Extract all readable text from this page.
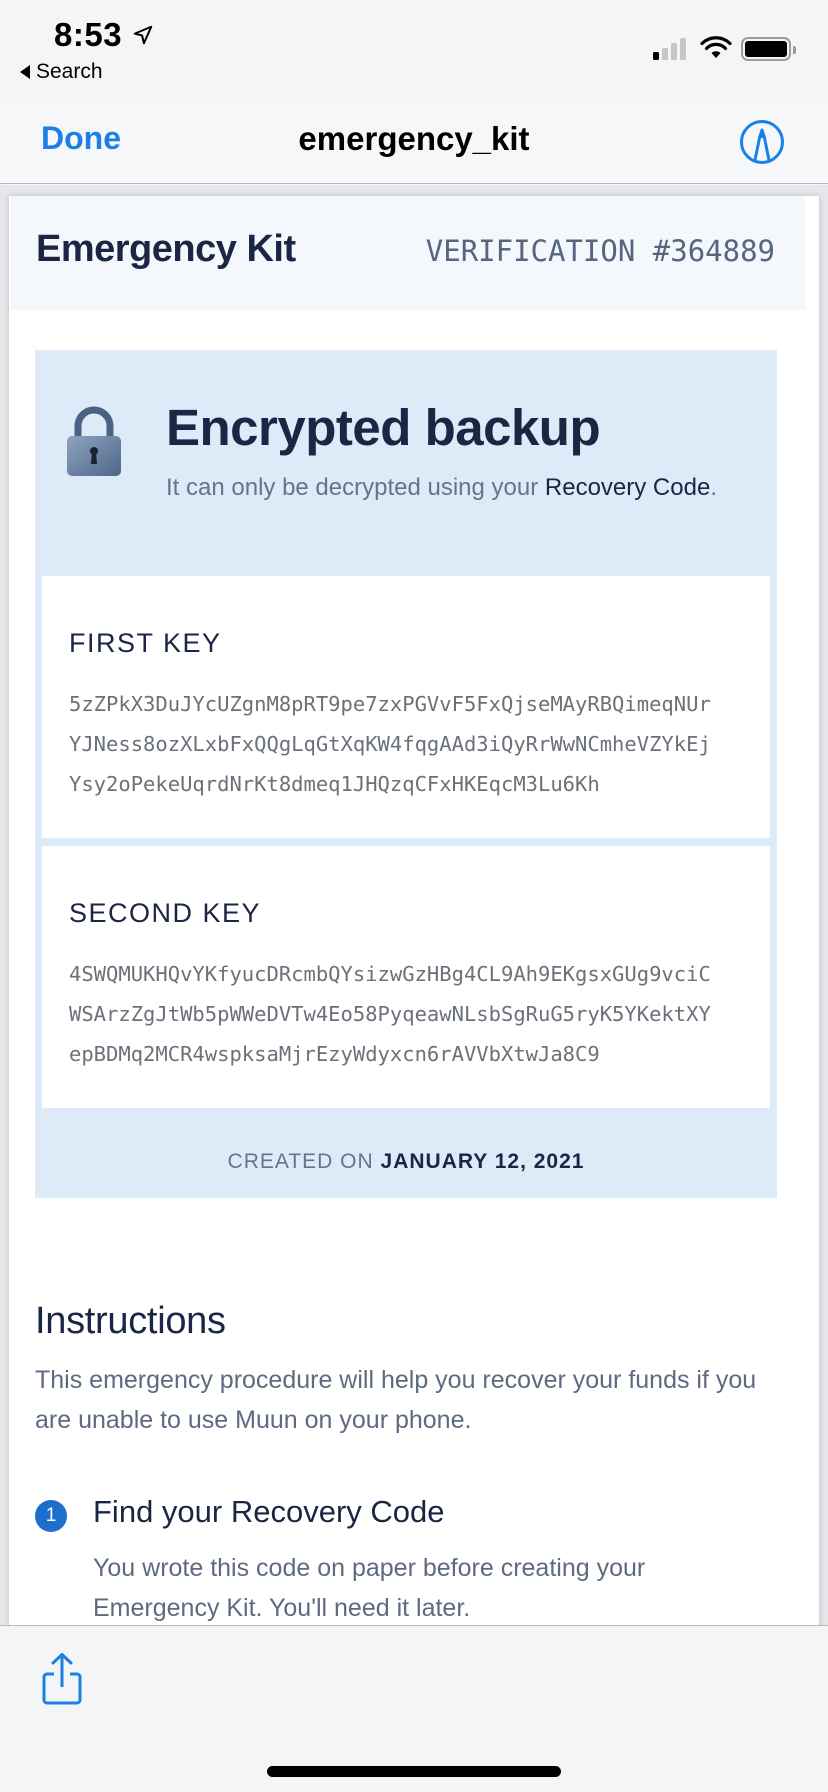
8:53
Search
Done	emergency_kit
Emergency Kit	VERIFICATION #364889
Encrypted backup

It can only be decrypted using your Recovery Code.

FIRST KEY
5zZPkX3DuJYcUZgnM8pRT9pe7zxPGVvF5FxQjseMAyRBQimeqNUr
YJNess8ozXLxbFxQQgLqGtXqKW4fqgAAd3iQyRrWwNCmheVZYkEj
Ysy2oPekeUqrdNrKt8dmeq1JHQzqCFxHKEqcM3Lu6Kh
SECOND KEY
4SWQMUKHQvYKfyucDRcmbQYsizwGzHBg4CL9Ah9EKgsxGUg9vciC
WSArzZgJtWb5pWWeDVTw4Eo58PyqeawNLsbSgRuG5ryK5YKektXY
epBDMq2MCR4wspksaMjrEzyWdyxcn6rAVVbXtwJa8C9

CREATED ON JANUARY 12, 2021

Instructions

This emergency procedure will help you recover your funds if you are unable to use Muun on your phone.

1	Find your Recovery Code

You wrote this code on paper before creating your Emergency Kit. You'll need it later.
